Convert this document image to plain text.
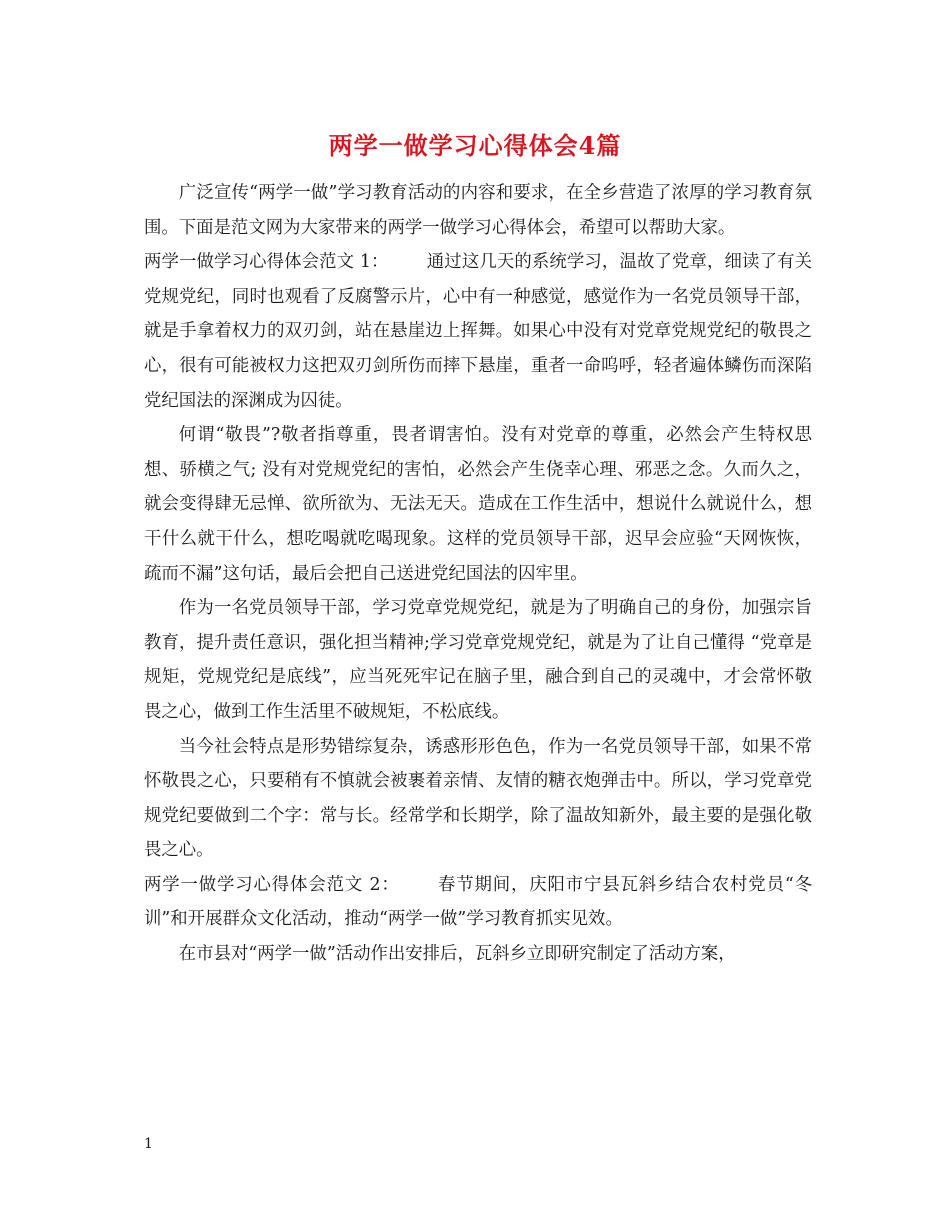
两学一做学习心得体会4篇

广泛宣传“两学一做”学习教育活动的内容和要求，在全乡营造了浓厚的学习教育氛围。下面是范文网为大家带来的两学一做学习心得体会，希望可以帮助大家。

两学一做学习心得体会范文 1： 通过这几天的系统学习，温故了党章，细读了有关党规党纪，同时也观看了反腐警示片，心中有一种感觉，感觉作为一名党员领导干部，就是手拿着权力的双刃剑，站在悬崖边上挥舞。如果心中没有对党章党规党纪的敬畏之心，很有可能被权力这把双刃剑所伤而摔下悬崖，重者一命呜呼，轻者遍体鳞伤而深陷党纪国法的深渊成为囚徒。

何谓“敬畏”?敬者指尊重，畏者谓害怕。没有对党章的尊重，必然会产生特权思想、骄横之气; 没有对党规党纪的害怕，必然会产生侥幸心理、邪恶之念。久而久之，就会变得肆无忌惮、欲所欲为、无法无天。造成在工作生活中，想说什么就说什么，想干什么就干什么，想吃喝就吃喝现象。这样的党员领导干部，迟早会应验“天网恢恢，疏而不漏”这句话，最后会把自己送进党纪国法的囚牢里。

作为一名党员领导干部，学习党章党规党纪，就是为了明确自己的身份，加强宗旨教育，提升责任意识，强化担当精神;学习党章党规党纪，就是为了让自己懂得 “党章是规矩，党规党纪是底线”，应当死死牢记在脑子里，融合到自己的灵魂中，才会常怀敬畏之心，做到工作生活里不破规矩，不松底线。

当今社会特点是形势错综复杂，诱惑形形色色，作为一名党员领导干部，如果不常怀敬畏之心，只要稍有不慎就会被裹着亲情、友情的糖衣炮弹击中。所以，学习党章党规党纪要做到二个字：常与长。经常学和长期学，除了温故知新外，最主要的是强化敬畏之心。

两学一做学习心得体会范文 2： 春节期间，庆阳市宁县瓦斜乡结合农村党员“冬训”和开展群众文化活动，推动“两学一做”学习教育抓实见效。

在市县对“两学一做”活动作出安排后，瓦斜乡立即研究制定了活动方案，

1
